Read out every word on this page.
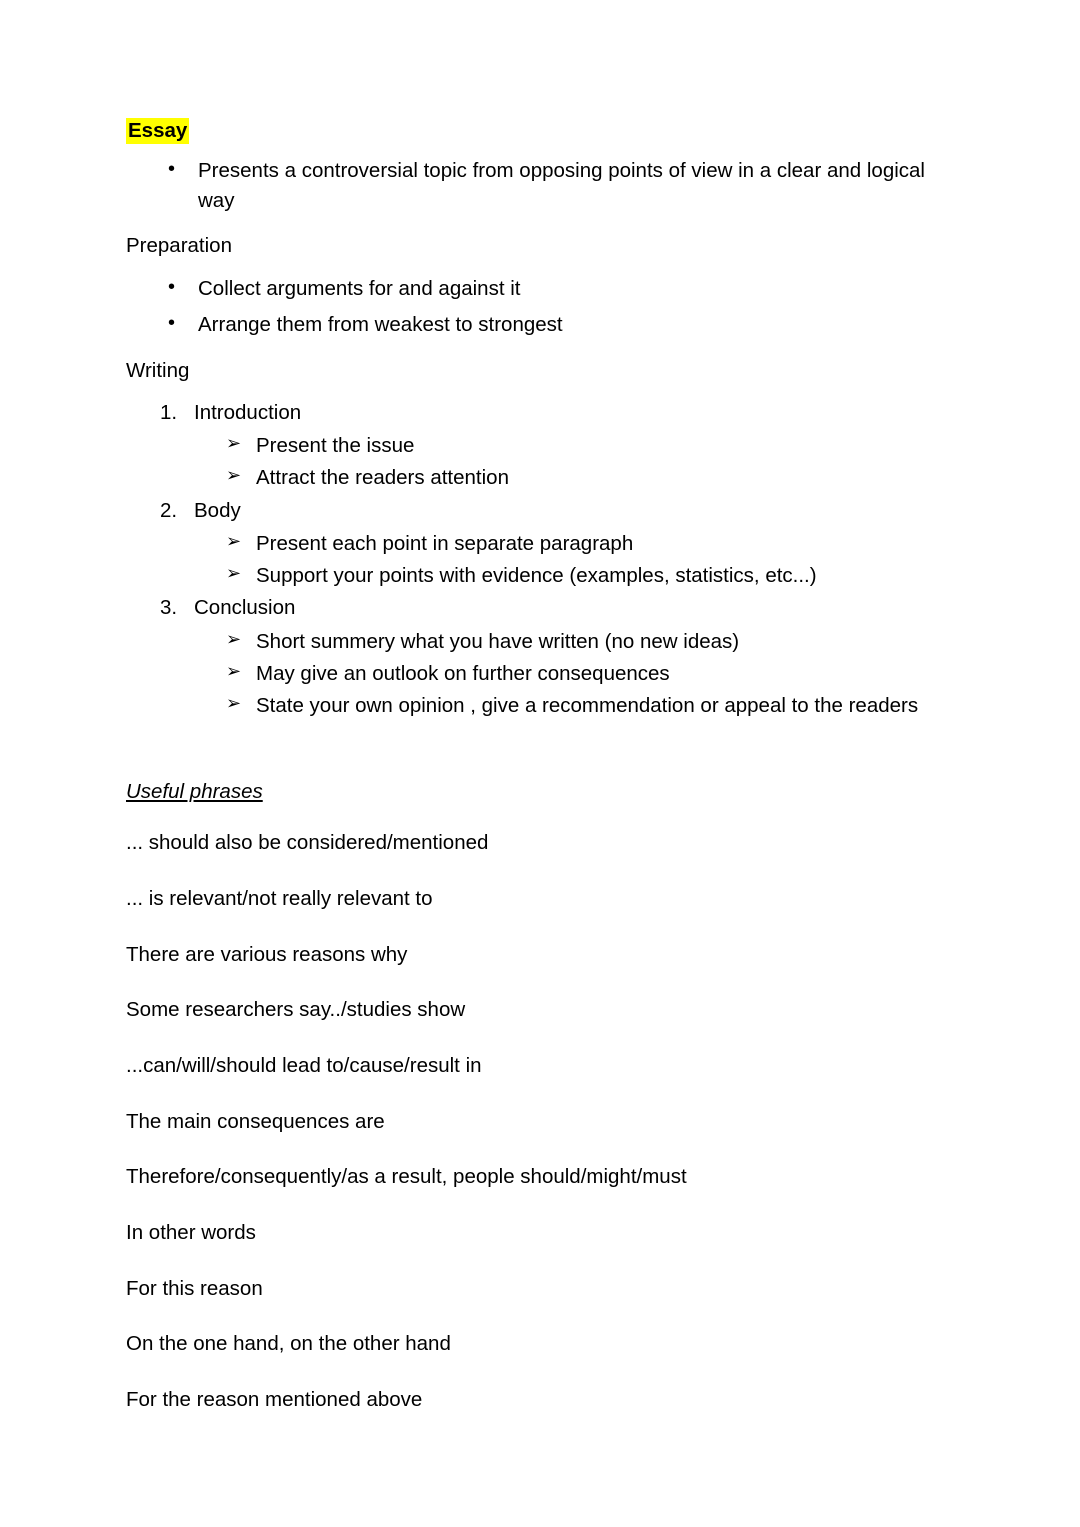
Essay
• Presents a controversial topic from opposing points of view in a clear and logical way
Preparation
• Collect arguments for and against it
• Arrange them from weakest to strongest
Writing
1. Introduction
➢ Present the issue
➢ Attract the readers attention
2. Body
➢ Present each point in separate paragraph
➢ Support your points with evidence (examples, statistics, etc...)
3. Conclusion
➢ Short summery what you have written (no new ideas)
➢ May give an outlook on further consequences
➢ State your own opinion , give a recommendation or appeal to the readers
Useful phrases

... should also be considered/mentioned

... is relevant/not really relevant to

There are various reasons why

Some researchers say../studies show

...can/will/should lead to/cause/result in

The main consequences are

Therefore/consequently/as a result, people should/might/must

In other words

For this reason

On the one hand, on the other hand

For the reason mentioned above
